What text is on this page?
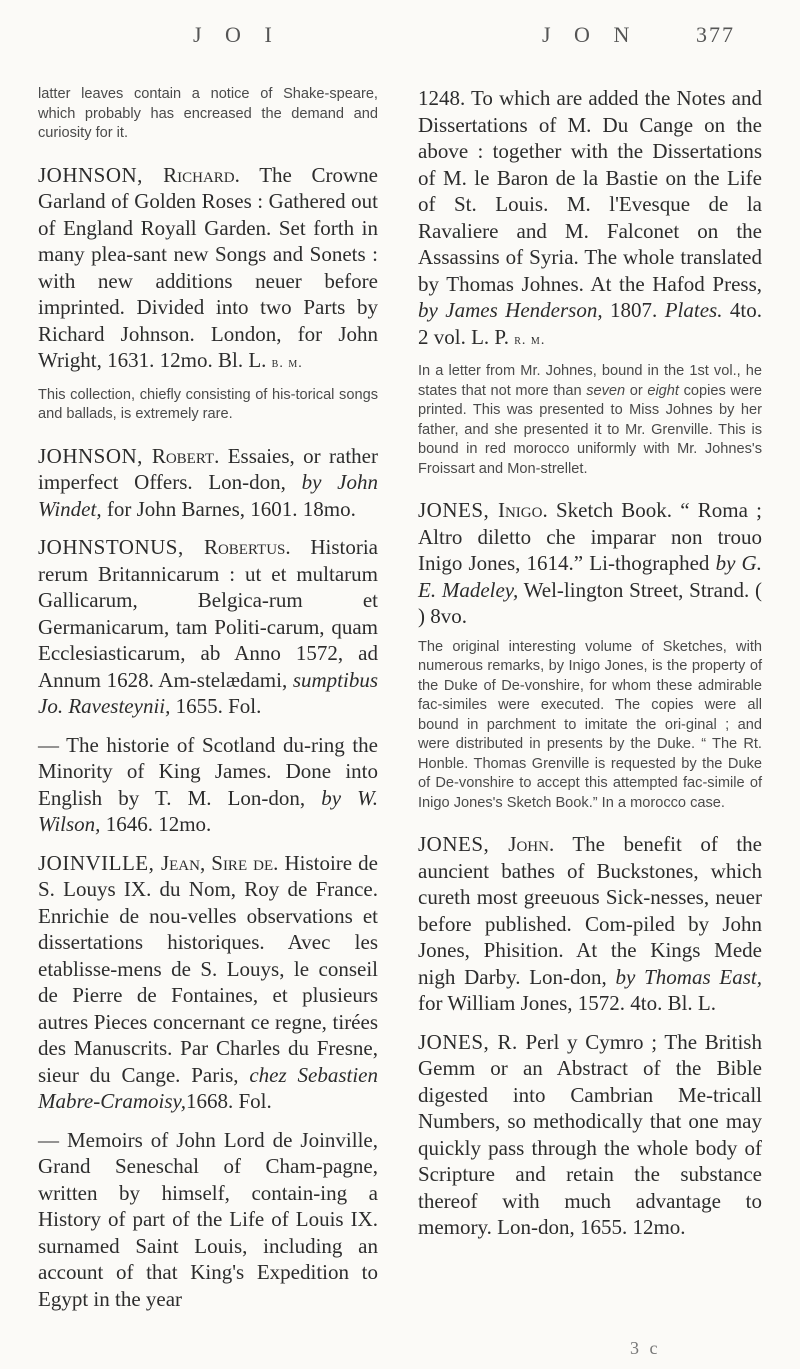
J O I	J O N	377

latter leaves contain a notice of Shake-speare, which probably has encreased the demand and curiosity for it.

JOHNSON, Richard. The Crowne Garland of Golden Roses : Gathered out of England Royall Garden. Set forth in many plea-sant new Songs and Sonets : with new additions neuer before imprinted. Divided into two Parts by Richard Johnson. London, for John Wright, 1631. 12mo. Bl. L. b. m.

This collection, chiefly consisting of his-torical songs and ballads, is extremely rare.

JOHNSON, Robert. Essaies, or rather imperfect Offers. Lon-don, by John Windet, for John Barnes, 1601. 18mo.

JOHNSTONUS, Robertus. Historia rerum Britannicarum : ut et multarum Gallicarum, Belgica-rum et Germanicarum, tam Politi-carum, quam Ecclesiasticarum, ab Anno 1572, ad Annum 1628. Am-stelædami, sumptibus Jo. Ravesteynii, 1655. Fol.

— The historie of Scotland du-ring the Minority of King James. Done into English by T. M. Lon-don, by W. Wilson, 1646. 12mo.

JOINVILLE, Jean, Sire de. Histoire de S. Louys IX. du Nom, Roy de France. Enrichie de nou-velles observations et dissertations historiques. Avec les etablisse-mens de S. Louys, le conseil de Pierre de Fontaines, et plusieurs autres Pieces concernant ce regne, tirées des Manuscrits. Par Charles du Fresne, sieur du Cange. Paris, chez Sebastien Mabre-Cramoisy,1668. Fol.

— Memoirs of John Lord de Joinville, Grand Seneschal of Cham-pagne, written by himself, contain-ing a History of part of the Life of Louis IX. surnamed Saint Louis, including an account of that King's Expedition to Egypt in the year

1248. To which are added the Notes and Dissertations of M. Du Cange on the above : together with the Dissertations of M. le Baron de la Bastie on the Life of St. Louis. M. l'Evesque de la Ravaliere and M. Falconet on the Assassins of Syria. The whole translated by Thomas Johnes. At the Hafod Press, by James Henderson, 1807. Plates. 4to. 2 vol. L. P. r. m.

In a letter from Mr. Johnes, bound in the 1st vol., he states that not more than seven or eight copies were printed. This was presented to Miss Johnes by her father, and she presented it to Mr. Grenville. This is bound in red morocco uniformly with Mr. Johnes's Froissart and Mon-strellet.

JONES, Inigo. Sketch Book. “ Roma ; Altro diletto che imparar non trouo Inigo Jones, 1614.” Li-thographed by G. E. Madeley, Wel-lington Street, Strand. ( ) 8vo.

The original interesting volume of Sketches, with numerous remarks, by Inigo Jones, is the property of the Duke of De-vonshire, for whom these admirable fac-similes were executed. The copies were all bound in parchment to imitate the ori-ginal ; and were distributed in presents by the Duke. “ The Rt. Honble. Thomas Grenville is requested by the Duke of De-vonshire to accept this attempted fac-simile of Inigo Jones's Sketch Book.” In a morocco case.

JONES, John. The benefit of the auncient bathes of Buckstones, which cureth most greeuous Sick-nesses, neuer before published. Com-piled by John Jones, Phisition. At the Kings Mede nigh Darby. Lon-don, by Thomas East, for William Jones, 1572. 4to. Bl. L.

JONES, R. Perl y Cymro ; The British Gemm or an Abstract of the Bible digested into Cambrian Me-tricall Numbers, so methodically that one may quickly pass through the whole body of Scripture and retain the substance thereof with much advantage to memory. Lon-don, 1655. 12mo.

3 c
